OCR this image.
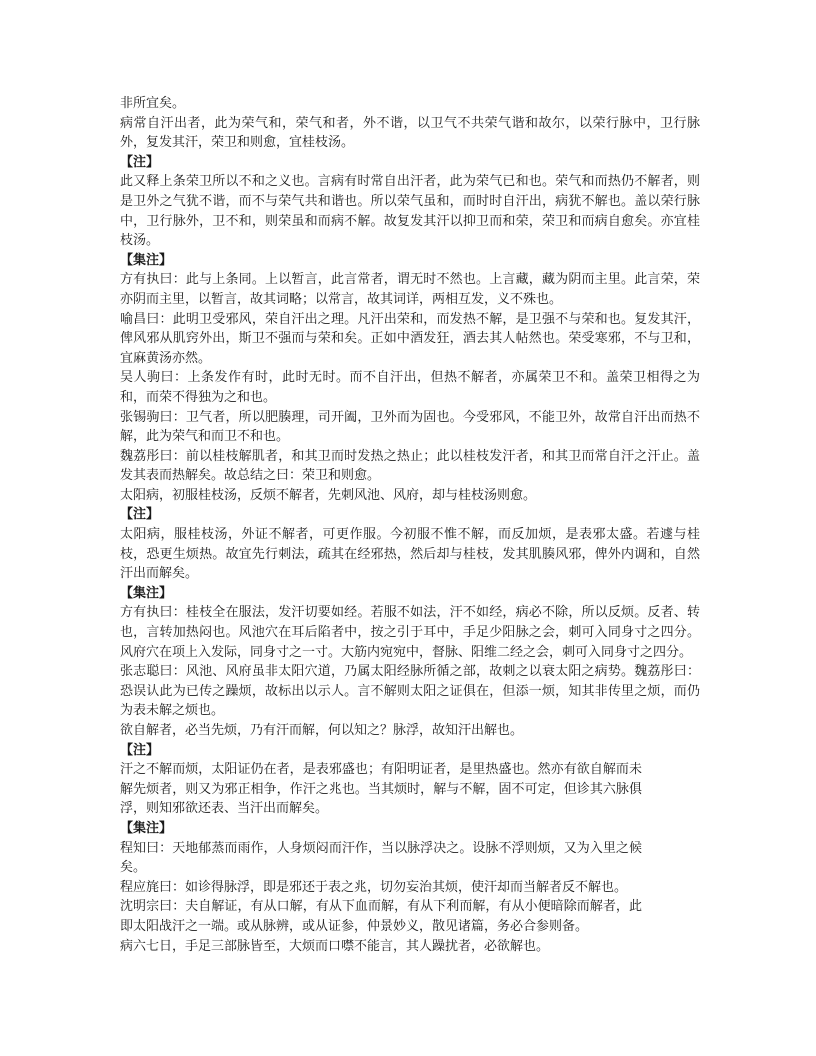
非所宜矣。

病常自汗出者，此为荣气和，荣气和者，外不谐，以卫气不共荣气谐和故尔，以荣行脉中，卫行脉外，复发其汗，荣卫和则愈，宜桂枝汤。

【注】

此又释上条荣卫所以不和之义也。言病有时常自出汗者，此为荣气已和也。荣气和而热仍不解者，则是卫外之气犹不谐，而不与荣气共和谐也。所以荣气虽和，而时时自汗出，病犹不解也。盖以荣行脉中，卫行脉外，卫不和，则荣虽和而病不解。故复发其汗以抑卫而和荣，荣卫和而病自愈矣。亦宜桂枝汤。

【集注】

方有执曰：此与上条同。上以暂言，此言常者，谓无时不然也。上言藏，藏为阴而主里。此言荣，荣亦阴而主里，以暂言，故其词略；以常言，故其词详，两相互发，义不殊也。

喻昌曰：此明卫受邪风，荣自汗出之理。凡汗出荣和，而发热不解，是卫强不与荣和也。复发其汗，俾风邪从肌窍外出，斯卫不强而与荣和矣。正如中酒发狂，酒去其人帖然也。荣受寒邪，不与卫和，宜麻黄汤亦然。

吴人驹曰：上条发作有时，此时无时。而不自汗出，但热不解者，亦属荣卫不和。盖荣卫相得之为和，而荣不得独为之和也。

张锡驹曰：卫气者，所以肥腠理，司开阖，卫外而为固也。今受邪风，不能卫外，故常自汗出而热不解，此为荣气和而卫不和也。

魏荔彤曰：前以桂枝解肌者，和其卫而时发热之热止；此以桂枝发汗者，和其卫而常自汗之汗止。盖发其表而热解矣。故总结之曰：荣卫和则愈。

太阳病，初服桂枝汤，反烦不解者，先刺风池、风府，却与桂枝汤则愈。

【注】

太阳病，服桂枝汤，外证不解者，可更作服。今初服不惟不解，而反加烦，是表邪太盛。若遽与桂枝，恐更生烦热。故宜先行刺法，疏其在经邪热，然后却与桂枝，发其肌腠风邪，俾外内调和，自然汗出而解矣。

【集注】

方有执曰：桂枝全在服法，发汗切要如经。若服不如法，汗不如经，病必不除，所以反烦。反者、转也，言转加热闷也。风池穴在耳后陷者中，按之引于耳中，手足少阳脉之会，刺可入同身寸之四分。风府穴在项上入发际，同身寸之一寸。大筋内宛宛中，督脉、阳维二经之会，刺可入同身寸之四分。

张志聪曰：风池、风府虽非太阳穴道，乃属太阳经脉所循之部，故刺之以衰太阳之病势。魏荔彤曰：恐误认此为已传之躁烦，故标出以示人。言不解则太阳之证俱在，但添一烦，知其非传里之烦，而仍为表未解之烦也。

欲自解者，必当先烦，乃有汗而解，何以知之？脉浮，故知汗出解也。

【注】

汗之不解而烦，太阳证仍在者，是表邪盛也；有阳明证者，是里热盛也。然亦有欲自解而未解先烦者，则又为邪正相争，作汗之兆也。当其烦时，解与不解，固不可定，但诊其六脉俱浮，则知邪欲还表、当汗出而解矣。

【集注】

程知曰：天地郁蒸而雨作，人身烦闷而汗作，当以脉浮决之。设脉不浮则烦，又为入里之候矣。

程应旄曰：如诊得脉浮，即是邪还于表之兆，切勿妄治其烦，使汗却而当解者反不解也。

沈明宗曰：夫自解证，有从口解，有从下血而解，有从下利而解，有从小便暗除而解者，此即太阳战汗之一端。或从脉辨，或从证参，仲景妙义，散见诸篇，务必合参则备。

病六七日，手足三部脉皆至，大烦而口噤不能言，其人躁扰者，必欲解也。
